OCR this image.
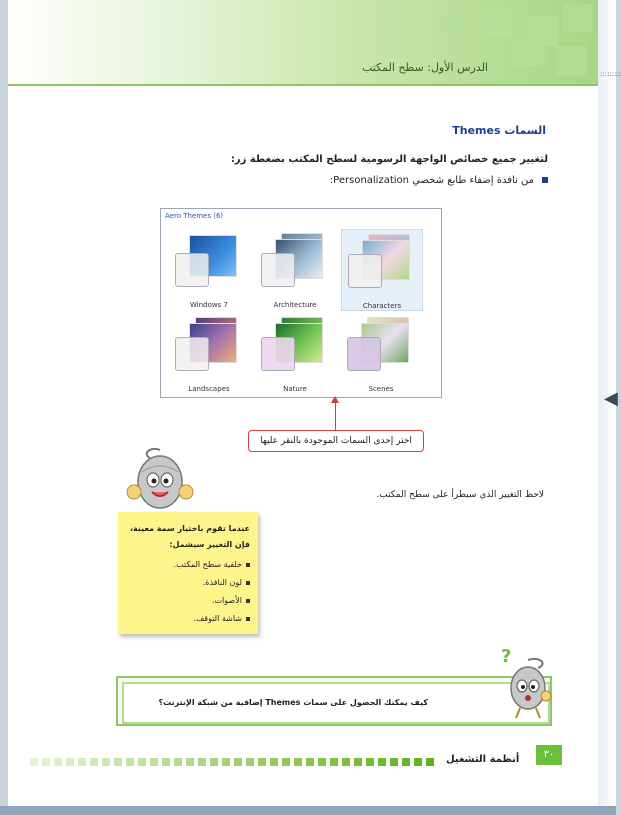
الدرس الأول: سطح المكتب
السمات Themes
لتغيير جميع خصائص الواجهة الرسومية لسطح المكتب بضغطة زر:
من نافذة إضفاء طابع شخصي Personalization:
Aero Themes (6)
Windows 7	Architecture	Characters
Landscapes	Nature	Scenes
اختر إحدى السمات الموجودة بالنقر عليها
لاحظ التغيير الذي سيطرأ على سطح المكتب.
عندما تقوم باختيار سمة معينة،
فإن التغيير سيشمل:
خلفية سطح المكتب.
لون النافذة.
الأصوات.
شاشة التوقف.
كيف يمكنك الحصول على سمات Themes إضافية من شبكة الإنترنت؟
?
أنظمة التشغيل	٣٠
:::::::::
◀
